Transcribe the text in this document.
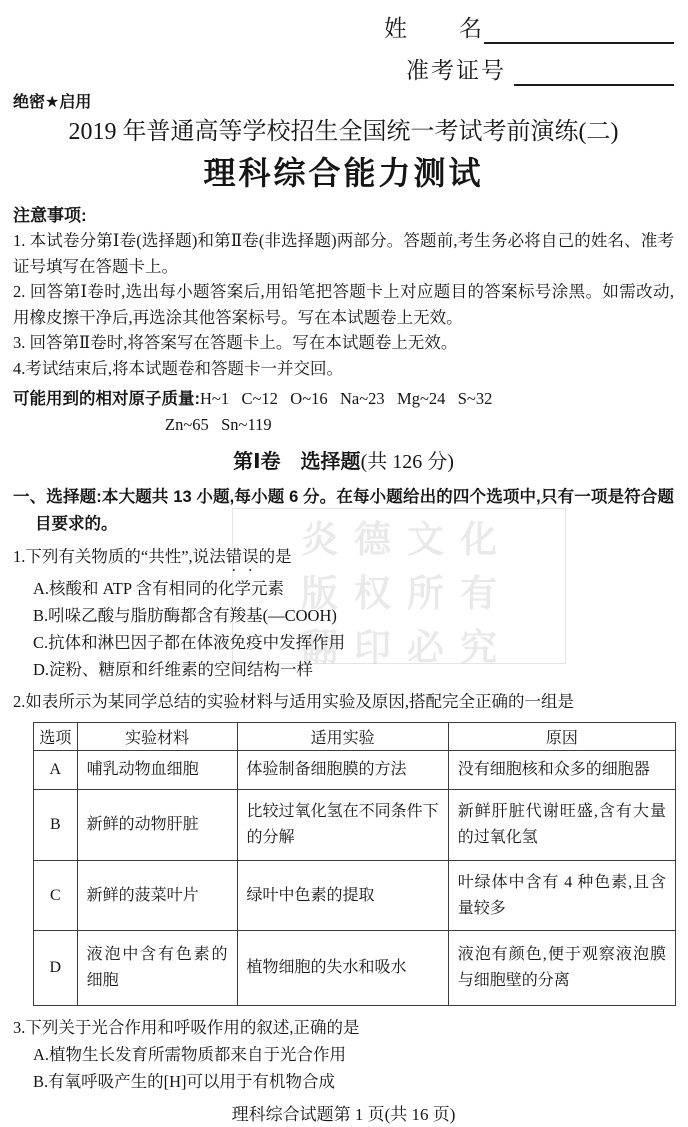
炎德文化
版权所有
翻印必究
姓　　名
准考证号
绝密★启用
2019 年普通高等学校招生全国统一考试考前演练(二)
理科综合能力测试
注意事项:

1. 本试卷分第Ⅰ卷(选择题)和第Ⅱ卷(非选择题)两部分。答题前,考生务必将自己的姓名、准考证号填写在答题卡上。

2. 回答第Ⅰ卷时,选出每小题答案后,用铅笔把答题卡上对应题目的答案标号涂黑。如需改动,用橡皮擦干净后,再选涂其他答案标号。写在本试题卷上无效。

3. 回答第Ⅱ卷时,将答案写在答题卡上。写在本试题卷上无效。

4.考试结束后,将本试题卷和答题卡一并交回。

可能用到的相对原子质量:H~1   C~12   O~16   Na~23   Mg~24   S~32
Zn~65   Sn~119
第Ⅰ卷　选择题(共 126 分)
一、选择题:本大题共 13 小题,每小题 6 分。在每小题给出的四个选项中,只有一项是符合题目要求的。
1.下列有关物质的“共性”,说法错误的是
A.核酸和 ATP 含有相同的化学元素
B.吲哚乙酸与脂肪酶都含有羧基(—COOH)
C.抗体和淋巴因子都在体液免疫中发挥作用
D.淀粉、糖原和纤维素的空间结构一样
2.如表所示为某同学总结的实验材料与适用实验及原因,搭配完全正确的一组是
选项	实验材料	适用实验	原因
A	哺乳动物血细胞	体验制备细胞膜的方法	没有细胞核和众多的细胞器
B	新鲜的动物肝脏	比较过氧化氢在不同条件下的分解	新鲜肝脏代谢旺盛,含有大量的过氧化氢
C	新鲜的菠菜叶片	绿叶中色素的提取	叶绿体中含有 4 种色素,且含量较多
D	液泡中含有色素的细胞	植物细胞的失水和吸水	液泡有颜色,便于观察液泡膜与细胞壁的分离
3.下列关于光合作用和呼吸作用的叙述,正确的是
A.植物生长发育所需物质都来自于光合作用
B.有氧呼吸产生的[H]可以用于有机物合成
理科综合试题第 1 页(共 16 页)
